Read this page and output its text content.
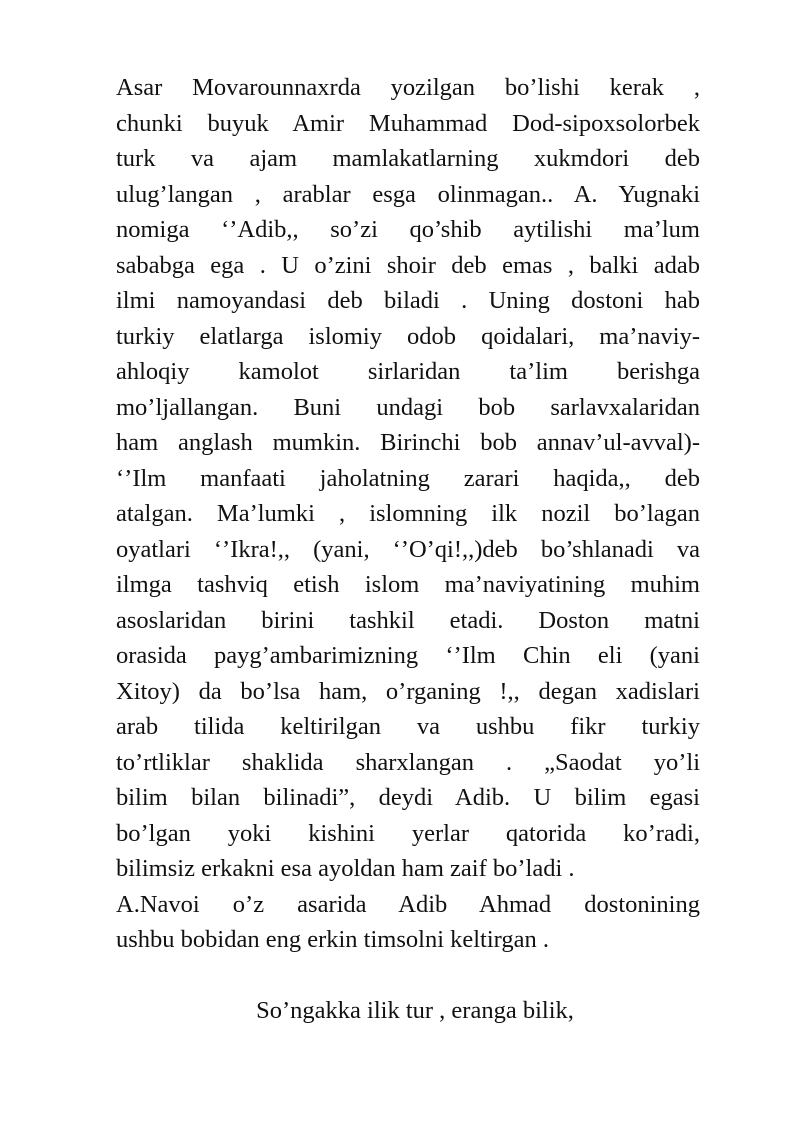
Asar Movarounnaxrda yozilgan bo’lishi kerak ,
chunki buyuk Amir Muhammad Dod-sipoxsolorbek
turk va ajam mamlakatlarning xukmdori deb
ulug’langan , arablar esga olinmagan.. A. Yugnaki
nomiga ‘’Adib,, so’zi qo’shib aytilishi ma’lum
sababga ega . U o’zini shoir deb emas , balki adab
ilmi namoyandasi deb biladi . Uning dostoni hab
turkiy elatlarga islomiy odob qoidalari, ma’naviy-
ahloqiy kamolot sirlaridan ta’lim berishga
mo’ljallangan. Buni undagi bob sarlavxalaridan
ham anglash mumkin. Birinchi bob annav’ul-avval)-
‘’Ilm manfaati jaholatning zarari haqida,, deb
atalgan. Ma’lumki , islomning ilk nozil bo’lagan
oyatlari ‘’Ikra!,, (yani, ‘’O’qi!,,)deb bo’shlanadi va
ilmga tashviq etish islom ma’naviyatining muhim
asoslaridan birini tashkil etadi. Doston matni
orasida payg’ambarimizning ‘’Ilm Chin eli (yani
Xitoy) da bo’lsa ham, o’rganing !,, degan xadislari
arab tilida keltirilgan va ushbu fikr turkiy
to’rtliklar shaklida sharxlangan . „Saodat yo’li
bilim bilan bilinadi”, deydi Adib. U bilim egasi
bo’lgan yoki kishini yerlar qatorida ko’radi,
bilimsiz erkakni esa ayoldan ham zaif bo’ladi .
A.Navoi o’z asarida Adib Ahmad dostonining
ushbu bobidan eng erkin timsolni keltirgan .

So’ngakka ilik tur , eranga bilik,
